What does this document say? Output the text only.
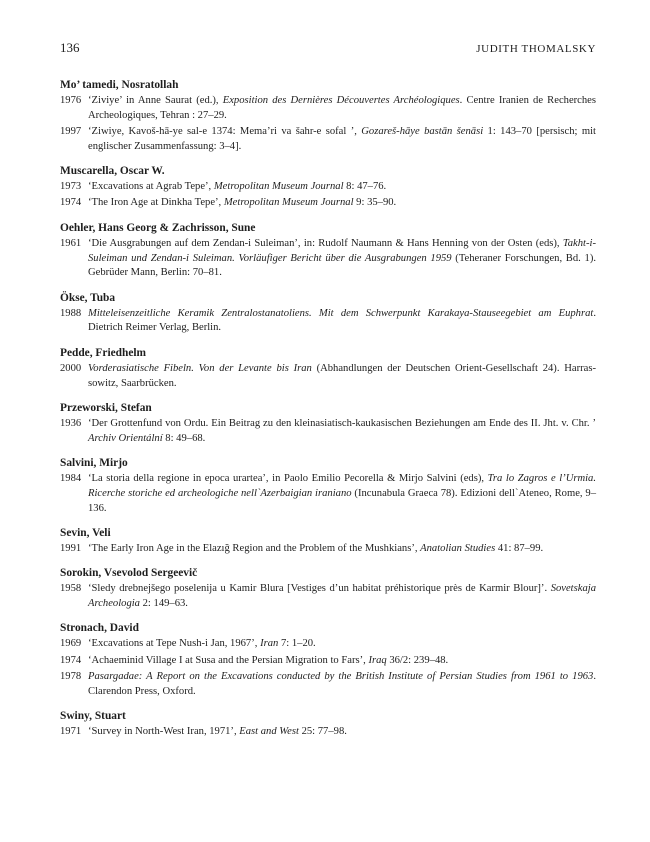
136	JUDITH THOMALSKY
Mo’ tamedi, Nosratollah
1976 ‘Ziviye’ in Anne Saurat (ed.), Exposition des Dernières Découvertes Archéologiques. Centre Iranien de Recherches Archeologiques, Tehran : 27–29.
1997 ‘Ziwiye, Kavoš-hā-ye sal-e 1374: Mema’ri va šahr-e sofal ’, Gozareš-hāye bastān šenāsi 1: 143–70 [persisch; mit englischer Zusammenfassung: 3–4].
Muscarella, Oscar W.
1973 ‘Excavations at Agrab Tepe’, Metropolitan Museum Journal 8: 47–76.
1974 ‘The Iron Age at Dinkha Tepe’, Metropolitan Museum Journal 9: 35–90.
Oehler, Hans Georg & Zachrisson, Sune
1961 ‘Die Ausgrabungen auf dem Zendan-i Suleiman’, in: Rudolf Naumann & Hans Henning von der Osten (eds), Takht-i-Suleiman und Zendan-i Suleiman. Vorläufiger Bericht über die Ausgrabungen 1959 (Teheraner Forschungen, Bd. 1). Gebrüder Mann, Berlin: 70–81.
Ökse, Tuba
1988 Mitteleisenzeitliche Keramik Zentralostanatoliens. Mit dem Schwerpunkt Karakaya-Stauseegebiet am Euphrat. Dietrich Reimer Verlag, Berlin.
Pedde, Friedhelm
2000 Vorderasiatische Fibeln. Von der Levante bis Iran (Abhandlungen der Deutschen Orient-Gesellschaft 24). Harrassowitz, Saarbrücken.
Przeworski, Stefan
1936 ‘Der Grottenfund von Ordu. Ein Beitrag zu den kleinasiatisch-kaukasischen Beziehungen am Ende des II. Jht. v. Chr. ’ Archiv Orientální 8: 49–68.
Salvini, Mirjo
1984 ‘La storia della regione in epoca urartea’, in Paolo Emilio Pecorella & Mirjo Salvini (eds), Tra lo Zagros e l’Urmia. Ricerche storiche ed archeologiche nell`Azerbaigian iraniano (Incunabula Graeca 78). Edizioni dell`Ateneo, Rome, 9–136.
Sevin, Veli
1991 ‘The Early Iron Age in the Elazığ Region and the Problem of the Mushkians’, Anatolian Studies 41: 87–99.
Sorokin, Vsevolod Sergeevič
1958 ‘Sledy drebnejšego poselenija u Kamir Blura [Vestiges d’un habitat préhistorique près de Karmir Blour]’. Sovetskaja Archeologia 2: 149–63.
Stronach, David
1969 ‘Excavations at Tepe Nush-i Jan, 1967’, Iran 7: 1–20.
1974 ‘Achaeminid Village I at Susa and the Persian Migration to Fars’, Iraq 36/2: 239–48.
1978 Pasargadae: A Report on the Excavations conducted by the British Institute of Persian Studies from 1961 to 1963. Clarendon Press, Oxford.
Swiny, Stuart
1971 ‘Survey in North-West Iran, 1971’, East and West 25: 77–98.
